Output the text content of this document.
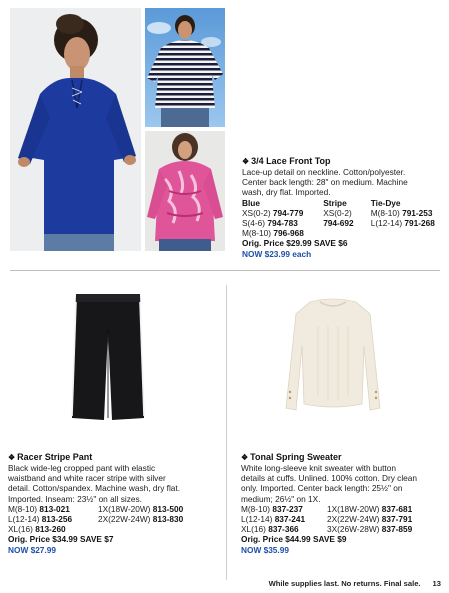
❖ 3/4 Lace Front Top
Lace-up detail on neckline. Cotton/polyester.
Center back length: 28" on medium. Machine
wash, dry flat. Imported.
Blue
XS(0-2) 794-779
S(4-6) 794-783
M(8-10) 796-968
Stripe
XS(0-2)
794-692
Tie-Dye
M(8-10) 791-253
L(12-14) 791-268
Orig. Price $29.99 SAVE $6
NOW $23.99 each
❖ Racer Stripe Pant
Black wide-leg cropped pant with elastic
waistband and white racer stripe with silver
detail. Cotton/spandex. Machine wash, dry flat.
Imported. Inseam: 23½" on all sizes.
M(8-10) 813-021
L(12-14) 813-256
XL(16) 813-260
1X(18W-20W) 813-500
2X(22W-24W) 813-830
Orig. Price $34.99 SAVE $7
NOW $27.99
❖ Tonal Spring Sweater
White long-sleeve knit sweater with button
details at cuffs. Unlined. 100% cotton. Dry clean
only. Imported. Center back length: 25½" on
medium; 26½" on 1X.
M(8-10) 837-237
L(12-14) 837-241
XL(16) 837-366
1X(18W-20W) 837-681
2X(22W-24W) 837-791
3X(26W-28W) 837-859
Orig. Price $44.99 SAVE $9
NOW $35.99
While supplies last. No returns. Final sale. 13
